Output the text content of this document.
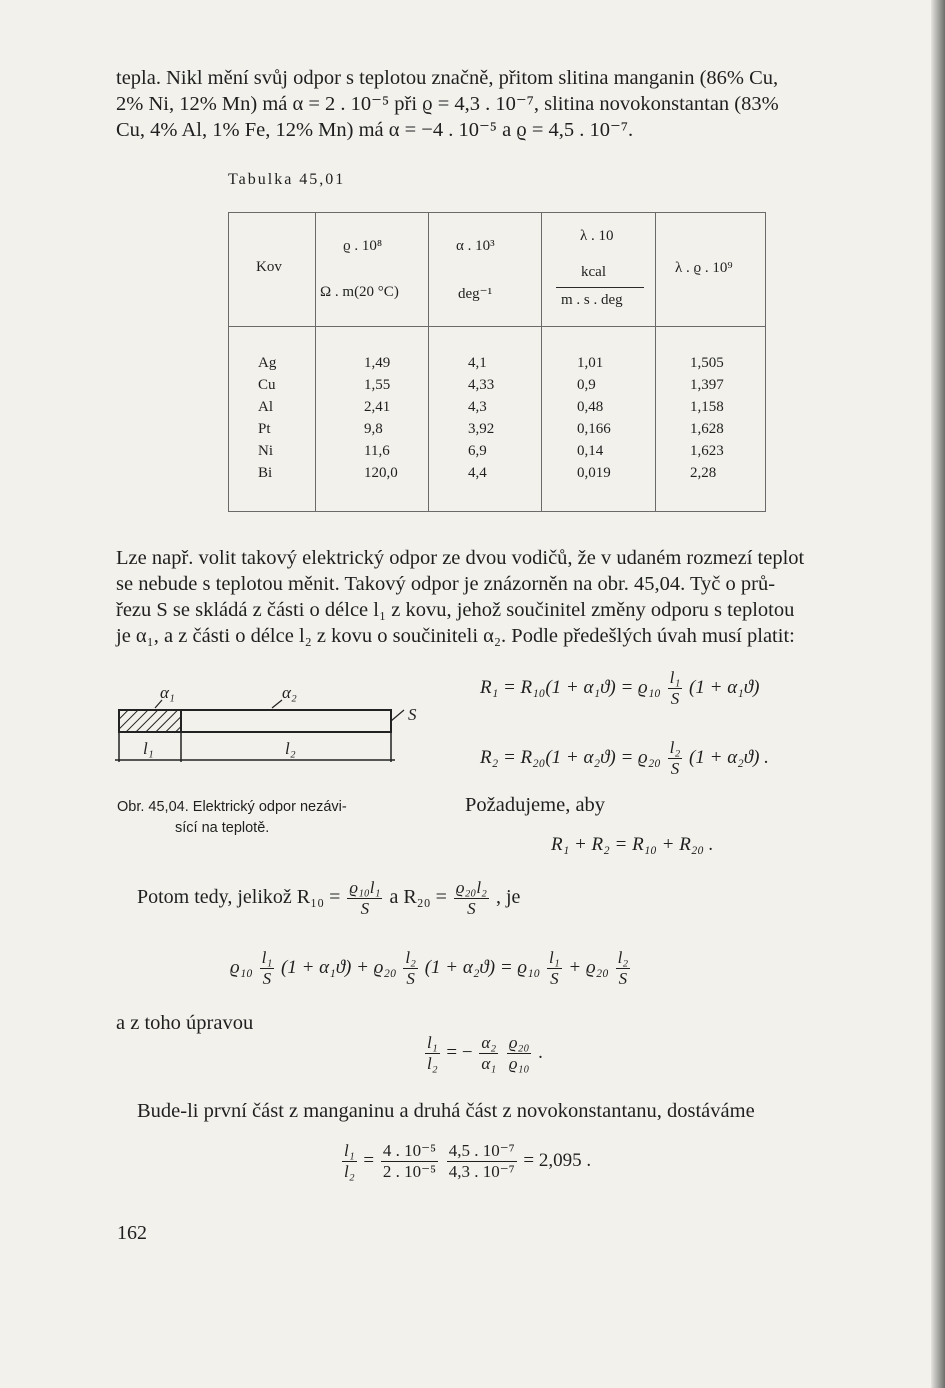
tepla. Nikl mění svůj odpor s teplotou značně, přitom slitina manganin (86% Cu,
2% Ni, 12% Mn) má α = 2 . 10⁻⁵ při ϱ = 4,3 . 10⁻⁷, slitina novokonstantan (83%
Cu, 4% Al, 1% Fe, 12% Mn) má α = −4 . 10⁻⁵ a ϱ = 4,5 . 10⁻⁷.
Tabulka 45,01
Kov
ϱ . 10⁸
Ω . m(20 °C)
α . 10³
deg⁻¹
λ . 10
kcal
m . s . deg
λ . ϱ . 10⁹
Ag
Cu
Al
Pt
Ni
Bi
1,49
1,55
2,41
9,8
11,6
120,0
4,1
4,33
4,3
3,92
6,9
4,4
1,01
0,9
0,48
0,166
0,14
0,019
1,505
1,397
1,158
1,628
1,623
2,28
Lze např. volit takový elektrický odpor ze dvou vodičů, že v udaném rozmezí teplot
se nebude s teplotou měnit. Takový odpor je znázorněn na obr. 45,04. Tyč o prů-
řezu S se skládá z části o délce l₁ z kovu, jehož součinitel změny odporu s teplotou
je α₁, a z části o délce l₂ z kovu o součiniteli α₂. Podle předešlých úvah musí platit:
α₁	α₂
S
l₁	l₂
Obr. 45,04. Elektrický odpor nezávi-
sící na teplotě.
$R_1 = R_{10}(1 + \alpha_1ϑ) = ϱ_{10} \frac{\text{l₁}}{S} (1 + \alpha_1ϑ)$
$R_2 = R_{20}(1 + \alpha_2ϑ) = ϱ_{20} \frac{\text{l₂}}{S} (1 + \alpha_2ϑ)$ .
Požadujeme, aby
R₁ + R₂ = R₁₀ + R₂₀ .
Potom tedy, jelikož $R_{10} = \frac{\text{ϱ₁₀l₁}}{S}$ a $R_{20} = \frac{\text{ϱ₂₀l₂}}{S}$ , je
$ϱ_{10} \frac{\text{l₁}}{S} (1 + \alpha_1ϑ) + ϱ_{20} \frac{\text{l₂}}{S} (1 + \alpha_2ϑ) = ϱ_{10} \frac{\text{l₁}}{S} + ϱ_{20} \frac{\text{l₂}}{S}$
a z toho úpravou
$\frac{\text{l₁}}{\text{l₂}}$ = − $\frac{\text{α₂}}{\text{α₁}}$
$\frac{\text{ϱ₂₀}}{\text{ϱ₁₀}}$ .
Bude-li první část z manganinu a druhá část z novokonstantanu, dostáváme
$\frac{\text{l₁}}{\text{l₂}} = \frac{\text{4 . 10⁻⁵}}{\text{2 . 10⁻⁵}}$
$\frac{\text{4,5 . 10⁻⁷}}{\text{4,3 . 10⁻⁷}} = 2,095$ .
162
